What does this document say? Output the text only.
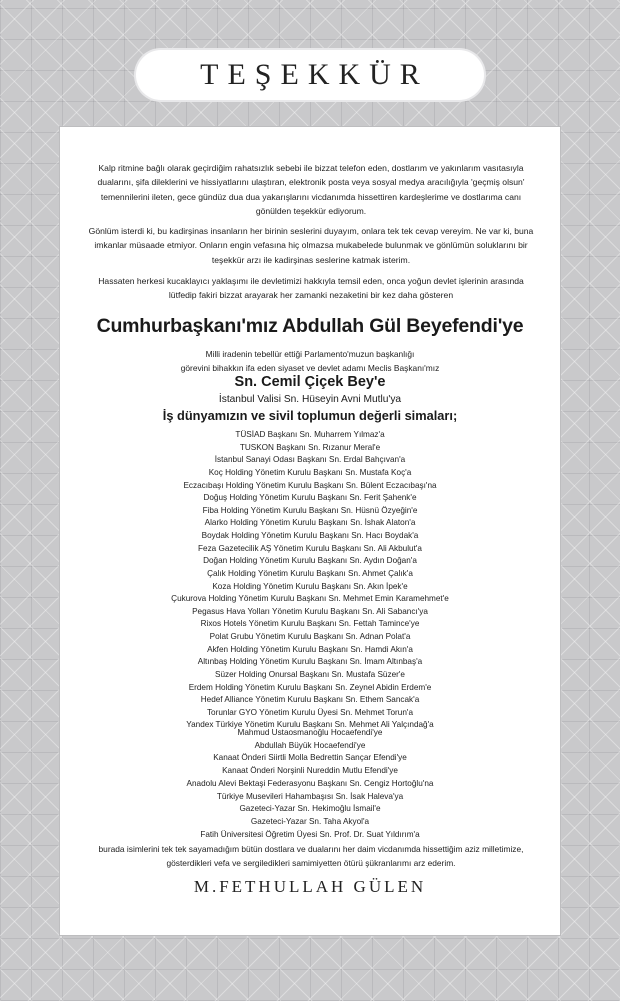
TEŞEKKÜR
Kalp ritmine bağlı olarak geçirdiğim rahatsızlık sebebi ile bizzat telefon eden, dostlarım ve yakınlarım vasıtasıyla dualarını, şifa dileklerini ve hissiyatlarını ulaştıran, elektronik posta veya sosyal medya aracılığıyla 'geçmiş olsun' temennilerini ileten, gece gündüz dua dua yakarışlarını vicdanımda hissettiren kardeşlerime ve dostlarıma canı gönülden teşekkür ediyorum.
Gönlüm isterdi ki, bu kadirşinas insanların her birinin seslerini duyayım, onlara tek tek cevap vereyim. Ne var ki, buna imkanlar müsaade etmiyor. Onların engin vefasına hiç olmazsa mukabelede bulunmak ve gönlümün soluklarını bir teşekkür arzı ile kadirşinas seslerine katmak isterim.
Hassaten herkesi kucaklayıcı yaklaşımı ile devletimizi hakkıyla temsil eden, onca yoğun devlet işlerinin arasında lütfedip fakiri bizzat arayarak her zamanki nezaketini bir kez daha gösteren
Cumhurbaşkanı'mız Abdullah Gül Beyefendi'ye
Milli iradenin tebellür ettiği Parlamento'muzun başkanlığı
görevini bihakkın ifa eden siyaset ve devlet adamı Meclis Başkanı'mız
Sn. Cemil Çiçek Bey'e
İstanbul Valisi Sn. Hüseyin Avni Mutlu'ya
İş dünyamızın ve sivil toplumun değerli simaları;
TÜSİAD Başkanı Sn. Muharrem Yılmaz'a
TUSKON Başkanı Sn. Rızanur Meral'e
İstanbul Sanayi Odası Başkanı Sn. Erdal Bahçıvan'a
Koç Holding Yönetim Kurulu Başkanı Sn. Mustafa Koç'a
Eczacıbaşı Holding Yönetim Kurulu Başkanı Sn. Bülent Eczacıbaşı'na
Doğuş Holding Yönetim Kurulu Başkanı Sn. Ferit Şahenk'e
Fiba Holding Yönetim Kurulu Başkanı Sn. Hüsnü Özyeğin'e
Alarko Holding Yönetim Kurulu Başkanı Sn. İshak Alaton'a
Boydak Holding Yönetim Kurulu Başkanı Sn. Hacı Boydak'a
Feza Gazetecilik AŞ Yönetim Kurulu Başkanı Sn. Ali Akbulut'a
Doğan Holding Yönetim Kurulu Başkanı Sn. Aydın Doğan'a
Çalık Holding Yönetim Kurulu Başkanı Sn. Ahmet Çalık'a
Koza Holding Yönetim Kurulu Başkanı Sn. Akın İpek'e
Çukurova Holding Yönetim Kurulu Başkanı Sn. Mehmet Emin Karamehmet'e
Pegasus Hava Yolları Yönetim Kurulu Başkanı Sn. Ali Sabancı'ya
Rixos Hotels Yönetim Kurulu Başkanı Sn. Fettah Tamince'ye
Polat Grubu Yönetim Kurulu Başkanı Sn. Adnan Polat'a
Akfen Holding Yönetim Kurulu Başkanı Sn. Hamdi Akın'a
Altınbaş Holding Yönetim Kurulu Başkanı Sn. İmam Altınbaş'a
Süzer Holding Onursal Başkanı Sn. Mustafa Süzer'e
Erdem Holding Yönetim Kurulu Başkanı Sn. Zeynel Abidin Erdem'e
Hedef Alliance Yönetim Kurulu Başkanı Sn. Ethem Sancak'a
Torunlar GYO Yönetim Kurulu Üyesi Sn. Mehmet Torun'a
Yandex Türkiye Yönetim Kurulu Başkanı Sn. Mehmet Ali Yalçındağ'a
Mahmud Ustaosmanoğlu Hocaefendi'ye
Abdullah Büyük Hocaefendi'ye
Kanaat Önderi Siirtli Molla Bedrettin Sançar Efendi'ye
Kanaat Önderi Norşinli Nureddin Mutlu Efendi'ye
Anadolu Alevi Bektaşi Federasyonu Başkanı Sn. Cengiz Hortoğlu'na
Türkiye Musevileri Hahambaşısı Sn. İsak Haleva'ya
Gazeteci-Yazar Sn. Hekimoğlu İsmail'e
Gazeteci-Yazar Sn. Taha Akyol'a
Fatih Üniversitesi Öğretim Üyesi Sn. Prof. Dr. Suat Yıldırım'a
burada isimlerini tek tek sayamadığım bütün dostlara ve dualarını her daim vicdanımda hissettiğim aziz milletimize, gösterdikleri vefa ve sergiledikleri samimiyetten ötürü şükranlarımı arz ederim.
M.FETHULLAH GÜLEN
